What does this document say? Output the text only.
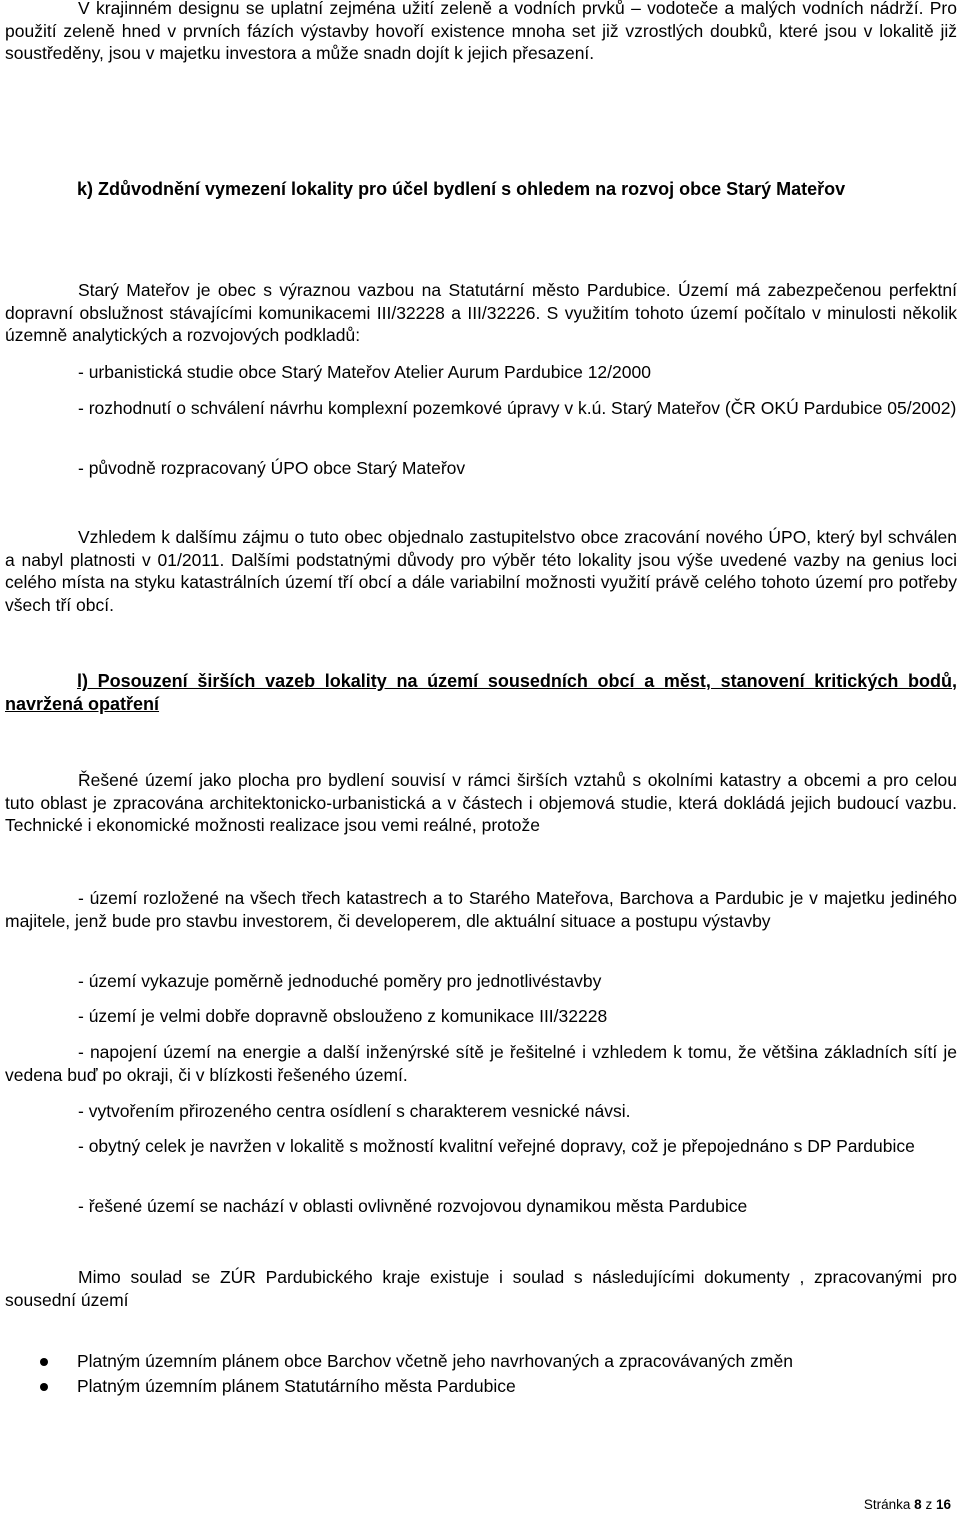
V krajinném designu se uplatní zejména užití zeleně a vodních prvků – vodoteče a malých vodních nádrží. Pro použití zeleně hned v prvních fázích výstavby hovoří existence mnoha set již vzrostlých doubků, které jsou v lokalitě již soustředěny, jsou v majetku investora a může snadn dojít k jejich přesazení.

k) Zdůvodnění vymezení lokality pro účel bydlení s ohledem na rozvoj obce Starý Mateřov

Starý Mateřov je obec s výraznou vazbou na Statutární město Pardubice. Území má zabezpečenou perfektní dopravní obslužnost stávajícími komunikacemi III/32228 a III/32226. S využitím tohoto území počítalo v minulosti několik územně analytických a rozvojových podkladů:

- urbanistická studie obce Starý Mateřov Atelier Aurum Pardubice 12/2000

- rozhodnutí o schválení návrhu komplexní pozemkové úpravy v k.ú. Starý Mateřov (ČR OKÚ Pardubice 05/2002)

- původně rozpracovaný ÚPO obce Starý Mateřov

Vzhledem k dalšímu zájmu o tuto obec objednalo zastupitelstvo obce zracování nového ÚPO, který byl schválen a nabyl platnosti v 01/2011. Dalšími podstatnými důvody pro výběr této lokality jsou výše uvedené vazby na genius loci celého místa na styku katastrálních území tří obcí a dále variabilní možnosti využití právě celého tohoto území pro potřeby všech tří obcí.

l) Posouzení širších vazeb lokality na území sousedních obcí a měst, stanovení kritických bodů, navržená opatření

Řešené území jako plocha pro bydlení souvisí v rámci širších vztahů s okolními katastry a obcemi a pro celou tuto oblast je zpracována architektonicko-urbanistická a v částech i objemová studie, která dokládá jejich budoucí vazbu. Technické i ekonomické možnosti realizace jsou vemi reálné, protože

- území rozložené na všech třech katastrech a to Starého Mateřova, Barchova a Pardubic je v majetku jediného majitele, jenž bude pro stavbu investorem, či developerem, dle aktuální situace a postupu výstavby

- území vykazuje poměrně jednoduché poměry pro jednotlivéstavby

- území je velmi dobře dopravně obslouženo z komunikace III/32228

- napojení území na energie a další inženýrské sítě je řešitelné i vzhledem k tomu, že většina základních sítí je vedena buď po okraji, či v blízkosti řešeného území.

- vytvořením přirozeného centra osídlení s charakterem vesnické návsi.

- obytný celek je navržen v lokalitě s možností kvalitní veřejné dopravy, což je přepojednáno s DP Pardubice

- řešené území se nachází v oblasti ovlivněné rozvojovou dynamikou města Pardubice

Mimo soulad se ZÚR Pardubického kraje existuje i soulad s následujícími dokumenty , zpracovanými pro sousední území

Platným územním plánem obce Barchov včetně jeho navrhovaných a zpracovávaných změn

Platným územním plánem Statutárního města Pardubice

Stránka 8 z 16
